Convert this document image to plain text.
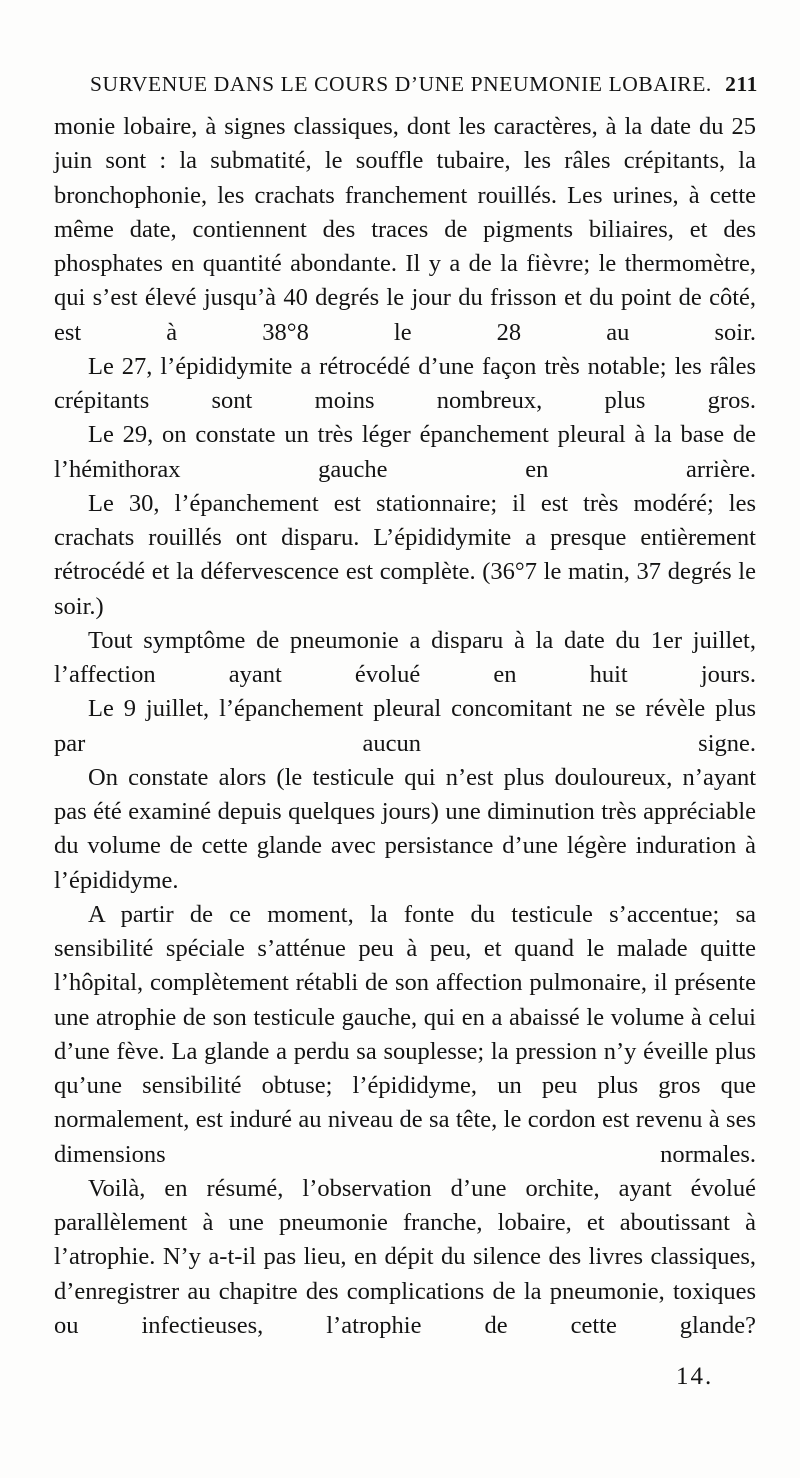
SURVENUE DANS LE COURS D’UNE PNEUMONIE LOBAIRE. 211

monie lobaire, à signes classiques, dont les caractères, à la date du 25 juin sont : la submatité, le souffle tubaire, les râles crépitants, la bronchophonie, les crachats franchement rouillés. Les urines, à cette même date, contiennent des traces de pigments biliaires, et des phosphates en quantité abondante. Il y a de la fièvre; le thermomètre, qui s’est élevé jusqu’à 40 degrés le jour du frisson et du point de côté, est à 38°8 le 28 au soir.

Le 27, l’épididymite a rétrocédé d’une façon très notable; les râles crépitants sont moins nombreux, plus gros.

Le 29, on constate un très léger épanchement pleural à la base de l’hémithorax gauche en arrière.

Le 30, l’épanchement est stationnaire; il est très modéré; les crachats rouillés ont disparu. L’épididymite a presque entièrement rétrocédé et la défervescence est complète. (36°7 le matin, 37 degrés le soir.)

Tout symptôme de pneumonie a disparu à la date du 1er juillet, l’affection ayant évolué en huit jours.

Le 9 juillet, l’épanchement pleural concomitant ne se révèle plus par aucun signe.

On constate alors (le testicule qui n’est plus douloureux, n’ayant pas été examiné depuis quelques jours) une diminution très appréciable du volume de cette glande avec persistance d’une légère induration à l’épididyme.

A partir de ce moment, la fonte du testicule s’accentue; sa sensibilité spéciale s’atténue peu à peu, et quand le malade quitte l’hôpital, complètement rétabli de son affection pulmonaire, il présente une atrophie de son testicule gauche, qui en a abaissé le volume à celui d’une fève. La glande a perdu sa souplesse; la pression n’y éveille plus qu’une sensibilité obtuse; l’épididyme, un peu plus gros que normalement, est induré au niveau de sa tête, le cordon est revenu à ses dimensions normales.

Voilà, en résumé, l’observation d’une orchite, ayant évolué parallèlement à une pneumonie franche, lobaire, et aboutissant à l’atrophie. N’y a-t-il pas lieu, en dépit du silence des livres classiques, d’enregistrer au chapitre des complications de la pneumonie, toxiques ou infectieuses, l’atrophie de cette glande?

14.
